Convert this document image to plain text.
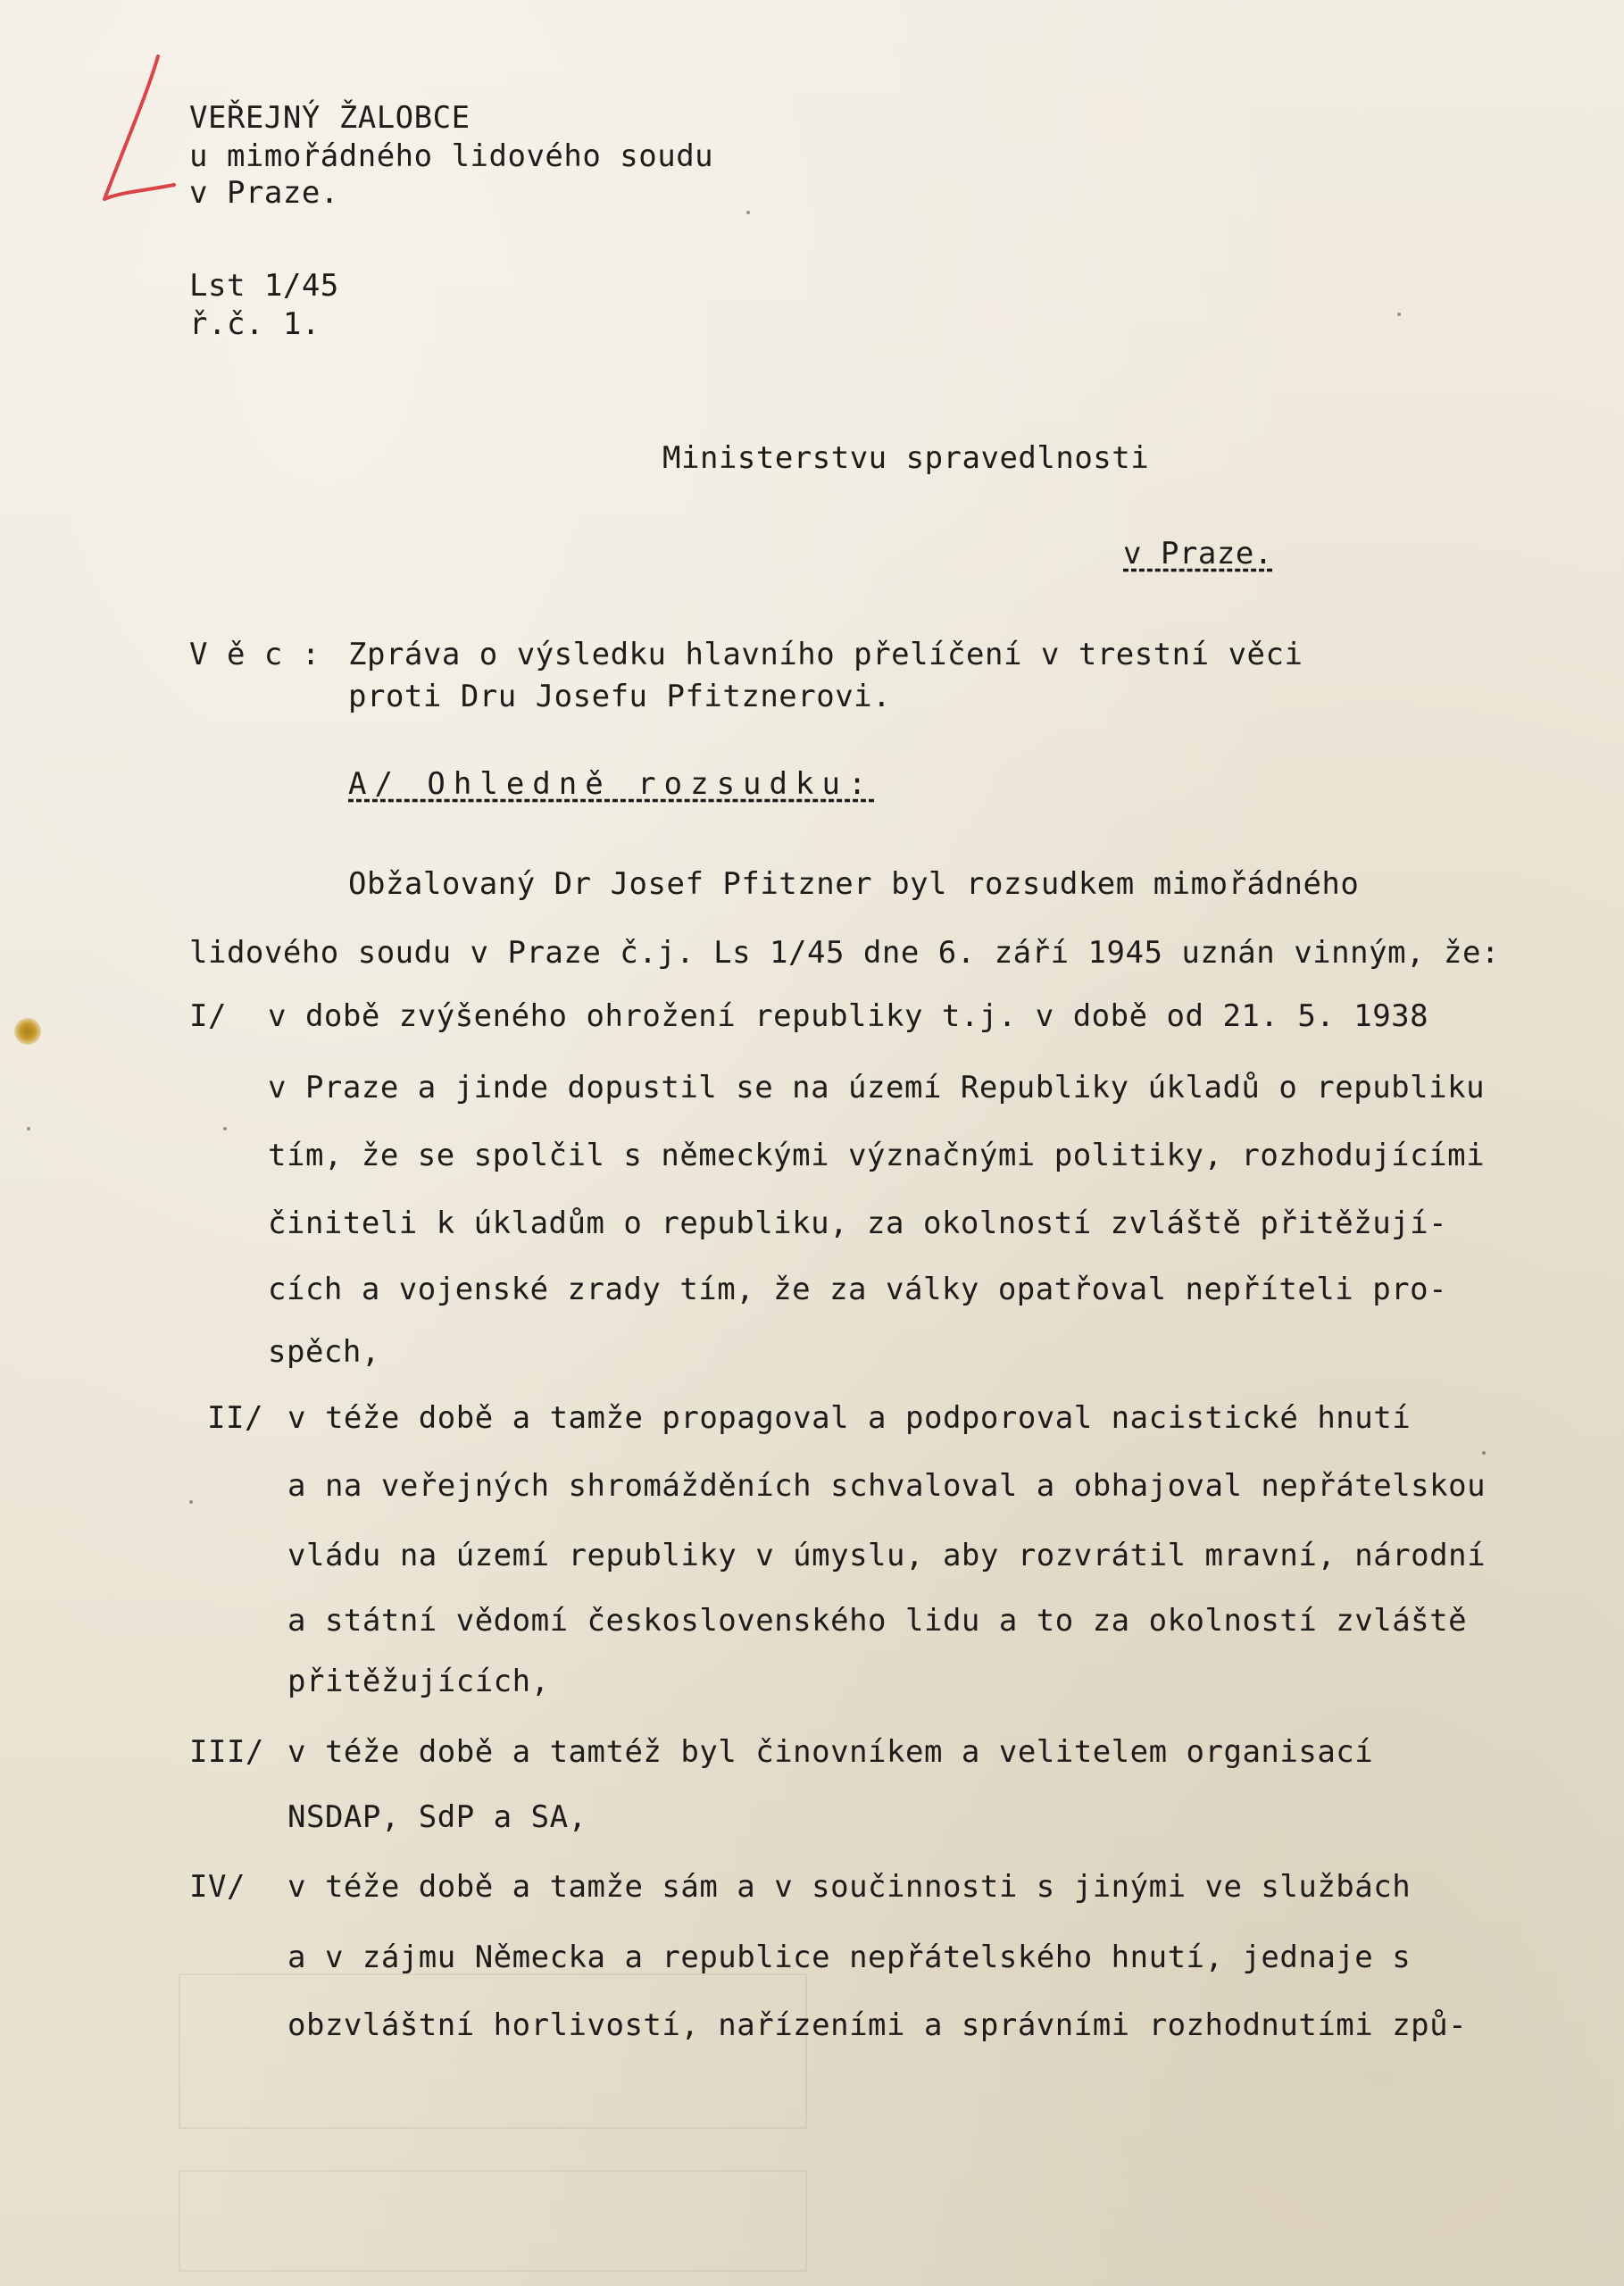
VEŘEJNÝ ŽALOBCE
u mimořádného lidového soudu
v Praze.
Lst 1/45
ř.č. 1.
Ministerstvu spravedlnosti
v Praze.
V ě c : Zpráva o výsledku hlavního přelíčení v trestní věci
proti Dru Josefu Pfitznerovi.
A/ Ohledně rozsudku:
Obžalovaný Dr Josef Pfitzner byl rozsudkem mimořádného
lidového soudu v Praze č.j. Ls 1/45 dne 6. září 1945 uznán vinným, že:
I/ v době zvýšeného ohrožení republiky t.j. v době od 21. 5. 1938
v Praze a jinde dopustil se na území Republiky úkladů o republiku
tím, že se spolčil s německými význačnými politiky, rozhodujícími
činiteli k úkladům o republiku, za okolností zvláště přitěžují-
cích a vojenské zrady tím, že za války opatřoval nepříteli pro-
spěch,
II/ v téže době a tamže propagoval a podporoval nacistické hnutí
a na veřejných shromážděních schvaloval a obhajoval nepřátelskou
vládu na území republiky v úmyslu, aby rozvrátil mravní, národní
a státní vědomí československého lidu a to za okolností zvláště
přitěžujících,
III/ v téže době a tamtéž byl činovníkem a velitelem organisací
NSDAP, SdP a SA,
IV/ v téže době a tamže sám a v součinnosti s jinými ve službách
a v zájmu Německa a republice nepřátelského hnutí, jednaje s
obzvláštní horlivostí, nařízeními a správními rozhodnutími způ-
